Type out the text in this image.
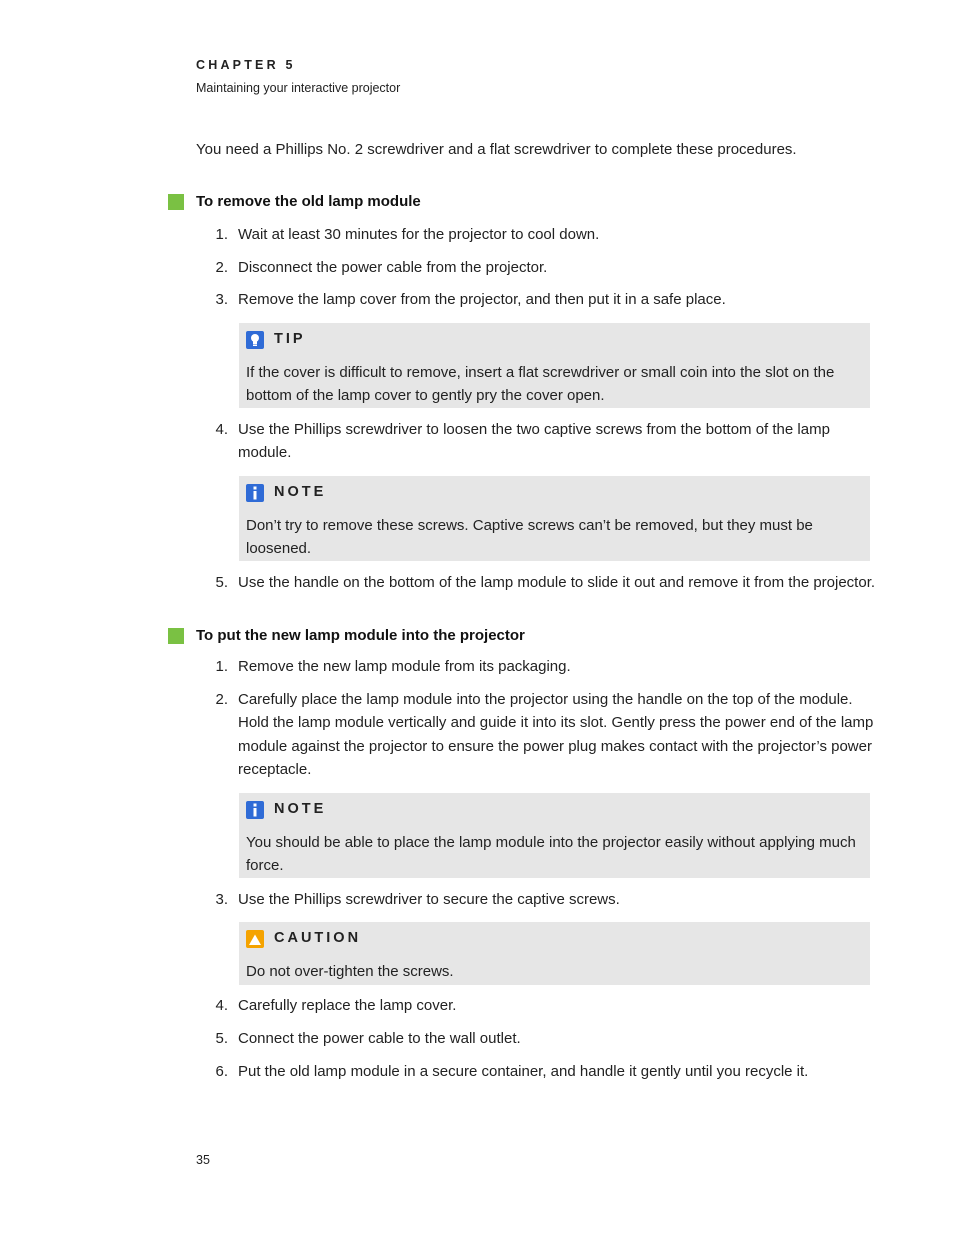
CHAPTER 5
Maintaining your interactive projector
You need a Phillips No. 2 screwdriver and a flat screwdriver to complete these procedures.
To remove the old lamp module
1. Wait at least 30 minutes for the projector to cool down.
2. Disconnect the power cable from the projector.
3. Remove the lamp cover from the projector, and then put it in a safe place.
TIP
If the cover is difficult to remove, insert a flat screwdriver or small coin into the slot on the bottom of the lamp cover to gently pry the cover open.
4. Use the Phillips screwdriver to loosen the two captive screws from the bottom of the lamp module.
NOTE
Don’t try to remove these screws. Captive screws can’t be removed, but they must be loosened.
5. Use the handle on the bottom of the lamp module to slide it out and remove it from the projector.
To put the new lamp module into the projector
1. Remove the new lamp module from its packaging.
2. Carefully place the lamp module into the projector using the handle on the top of the module. Hold the lamp module vertically and guide it into its slot. Gently press the power end of the lamp module against the projector to ensure the power plug makes contact with the projector’s power receptacle.
NOTE
You should be able to place the lamp module into the projector easily without applying much force.
3. Use the Phillips screwdriver to secure the captive screws.
CAUTION
Do not over-tighten the screws.
4. Carefully replace the lamp cover.
5. Connect the power cable to the wall outlet.
6. Put the old lamp module in a secure container, and handle it gently until you recycle it.
35
